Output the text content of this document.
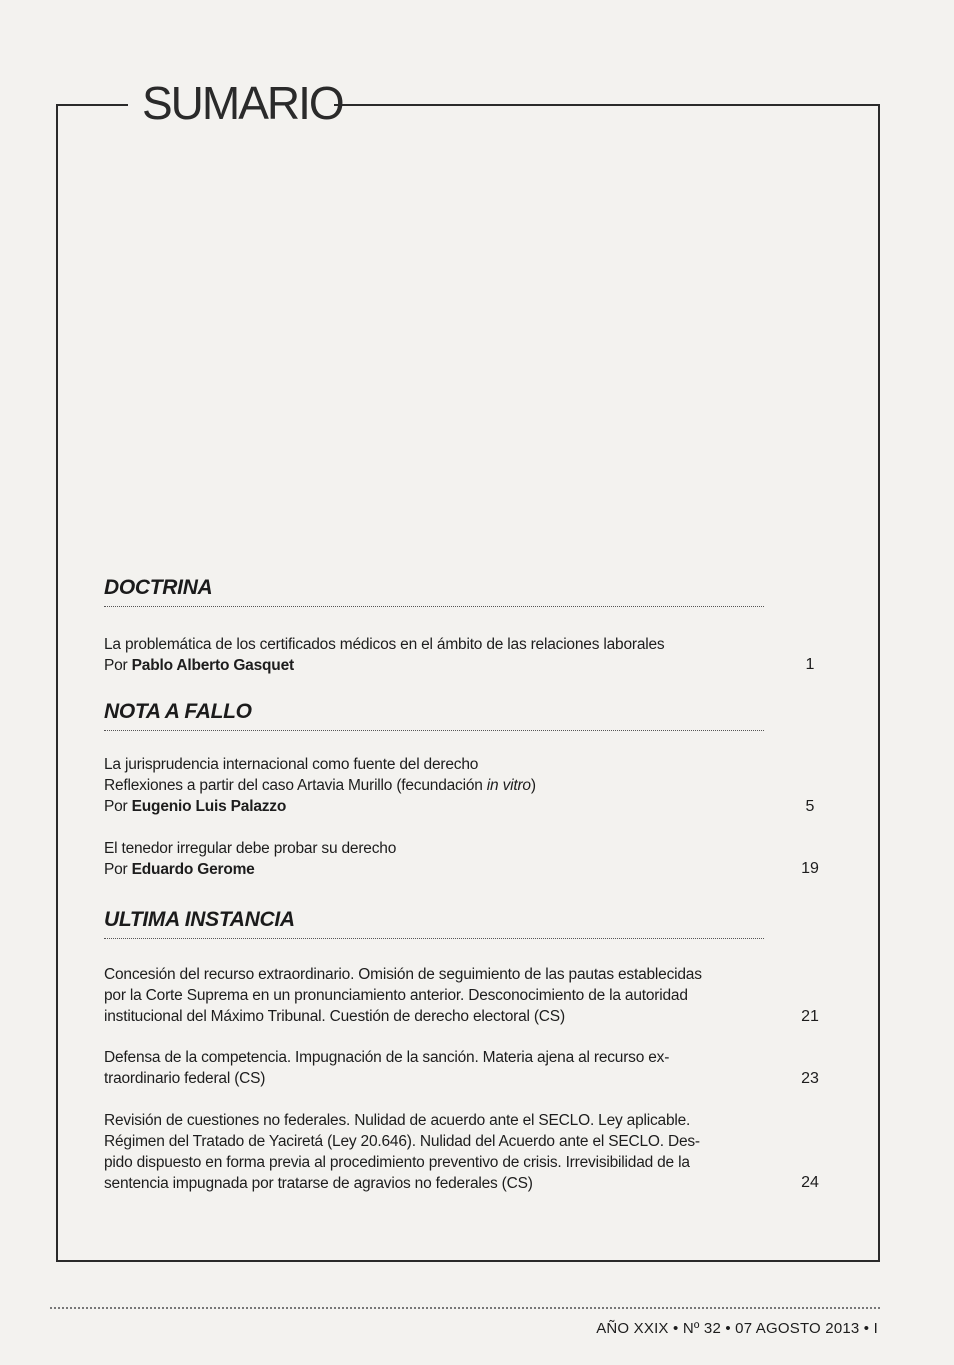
SUMARIO
DOCTRINA
La problemática de los certificados médicos en el ámbito de las relaciones laborales
Por Pablo Alberto Gasquet	1
NOTA A FALLO
La jurisprudencia internacional como fuente del derecho
Reflexiones a partir del caso Artavia Murillo (fecundación in vitro)
Por Eugenio Luis Palazzo	5
El tenedor irregular debe probar su derecho
Por Eduardo Gerome	19
ULTIMA INSTANCIA
Concesión del recurso extraordinario. Omisión de seguimiento de las pautas establecidas
por la Corte Suprema en un pronunciamiento anterior. Desconocimiento de la autoridad
institucional del Máximo Tribunal. Cuestión de derecho electoral (CS)	21
Defensa de la competencia. Impugnación de la sanción. Materia ajena al recurso ex-
traordinario federal (CS)	23
Revisión de cuestiones no federales. Nulidad de acuerdo ante el SECLO. Ley aplicable.
Régimen del Tratado de Yaciretá (Ley 20.646). Nulidad del Acuerdo ante el SECLO. Des-
pido dispuesto en forma previa al procedimiento preventivo de crisis. Irrevisibilidad de la
sentencia impugnada por tratarse de agravios no federales (CS)	24
AÑO XXIX • Nº 32 • 07 AGOSTO 2013 • I
